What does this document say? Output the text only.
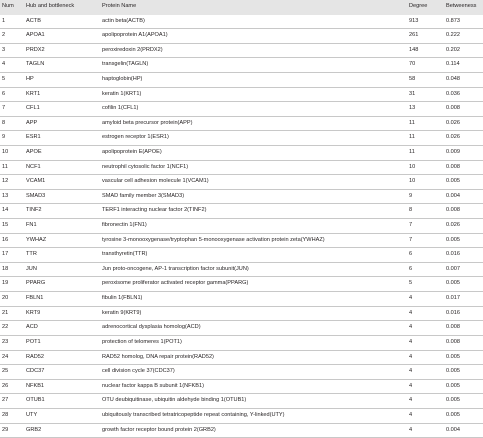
Num	Hub and bottleneck	Protein Name	Degree	Betweeness
1	ACTB	actin beta(ACTB)	913	0.873
2	APOA1	apolipoprotein A1(APOA1)	261	0.222
3	PRDX2	peroxiredoxin 2(PRDX2)	148	0.202
4	TAGLN	transgelin(TAGLN)	70	0.114
5	HP	haptoglobin(HP)	58	0.048
6	KRT1	keratin 1(KRT1)	31	0.036
7	CFL1	cofilin 1(CFL1)	13	0.008
8	APP	amyloid beta precursor protein(APP)	11	0.026
9	ESR1	estrogen receptor 1(ESR1)	11	0.026
10	APOE	apolipoprotein E(APOE)	11	0.009
11	NCF1	neutrophil cytosolic factor 1(NCF1)	10	0.008
12	VCAM1	vascular cell adhesion molecule 1(VCAM1)	10	0.005
13	SMAD3	SMAD family member 3(SMAD3)	9	0.004
14	TINF2	TERF1 interacting nuclear factor 2(TINF2)	8	0.008
15	FN1	fibronectin 1(FN1)	7	0.026
16	YWHAZ	tyrosine 3-monooxygenase/tryptophan 5-monooxygenase activation protein zeta(YWHAZ)	7	0.005
17	TTR	transthyretin(TTR)	6	0.016
18	JUN	Jun proto-oncogene, AP-1 transcription factor subunit(JUN)	6	0.007
19	PPARG	peroxisome proliferator activated receptor gamma(PPARG)	5	0.005
20	FBLN1	fibulin 1(FBLN1)	4	0.017
21	KRT9	keratin 9(KRT9)	4	0.016
22	ACD	adrenocortical dysplasia homolog(ACD)	4	0.008
23	POT1	protection of telomeres 1(POT1)	4	0.008
24	RAD52	RAD52 homolog, DNA repair protein(RAD52)	4	0.005
25	CDC37	cell division cycle 37(CDC37)	4	0.005
26	NFKB1	nuclear factor kappa B subunit 1(NFKB1)	4	0.005
27	OTUB1	OTU deubiquitinase, ubiquitin aldehyde binding 1(OTUB1)	4	0.005
28	UTY	ubiquitously transcribed tetratricopeptide repeat containing, Y-linked(UTY)	4	0.005
29	GRB2	growth factor receptor bound protein 2(GRB2)	4	0.004
